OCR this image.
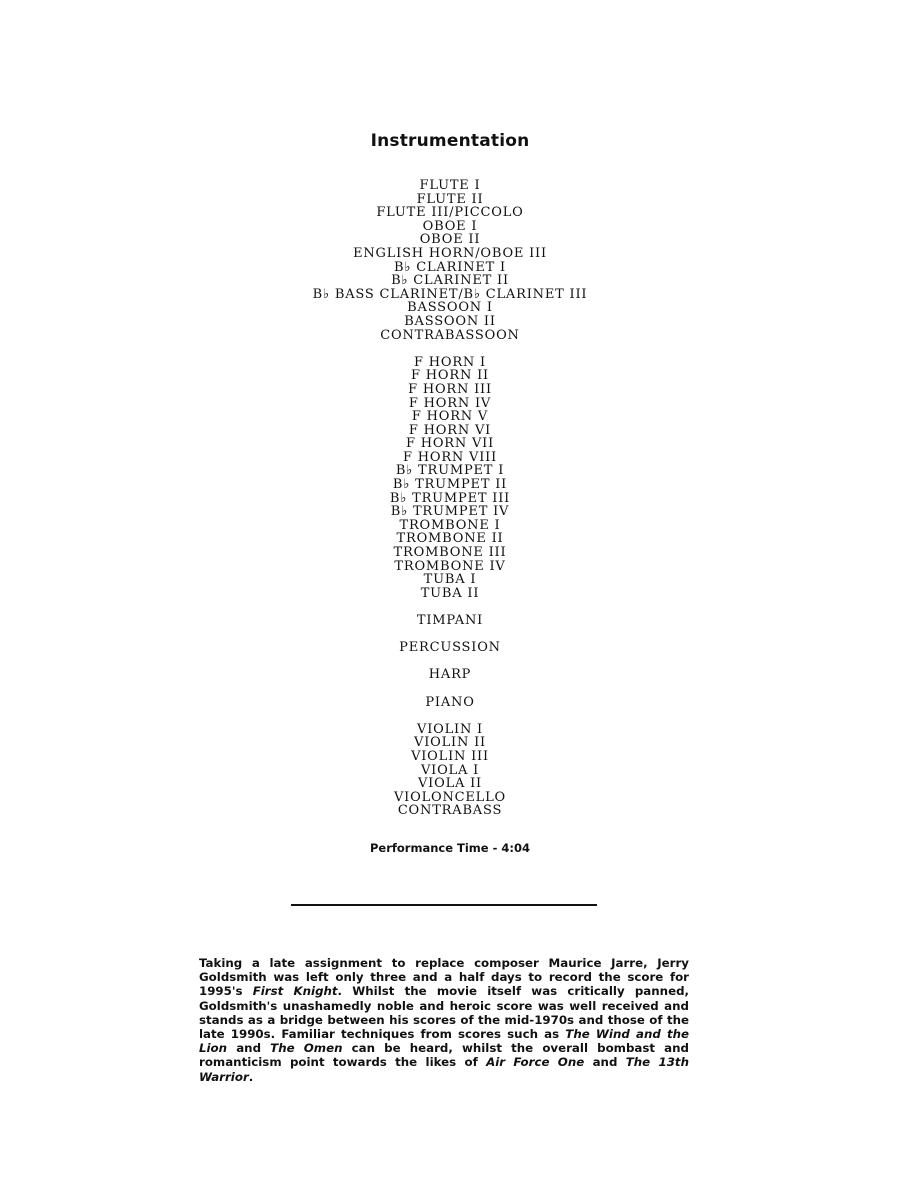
Instrumentation
FLUTE I
FLUTE II
FLUTE III/PICCOLO
OBOE I
OBOE II
ENGLISH HORN/OBOE III
B♭ CLARINET I
B♭ CLARINET II
B♭ BASS CLARINET/B♭ CLARINET III
BASSOON I
BASSOON II
CONTRABASSOON
F HORN I
F HORN II
F HORN III
F HORN IV
F HORN V
F HORN VI
F HORN VII
F HORN VIII
B♭ TRUMPET I
B♭ TRUMPET II
B♭ TRUMPET III
B♭ TRUMPET IV
TROMBONE I
TROMBONE II
TROMBONE III
TROMBONE IV
TUBA I
TUBA II
TIMPANI
PERCUSSION
HARP
PIANO
VIOLIN I
VIOLIN II
VIOLIN III
VIOLA I
VIOLA II
VIOLONCELLO
CONTRABASS
Performance Time - 4:04
Taking a late assignment to replace composer Maurice Jarre, Jerry Goldsmith was left only three and a half days to record the score for 1995's First Knight. Whilst the movie itself was critically panned, Goldsmith's unashamedly noble and heroic score was well received and stands as a bridge between his scores of the mid-1970s and those of the late 1990s. Familiar techniques from scores such as The Wind and the Lion and The Omen can be heard, whilst the overall bombast and romanticism point towards the likes of Air Force One and The 13th Warrior.
